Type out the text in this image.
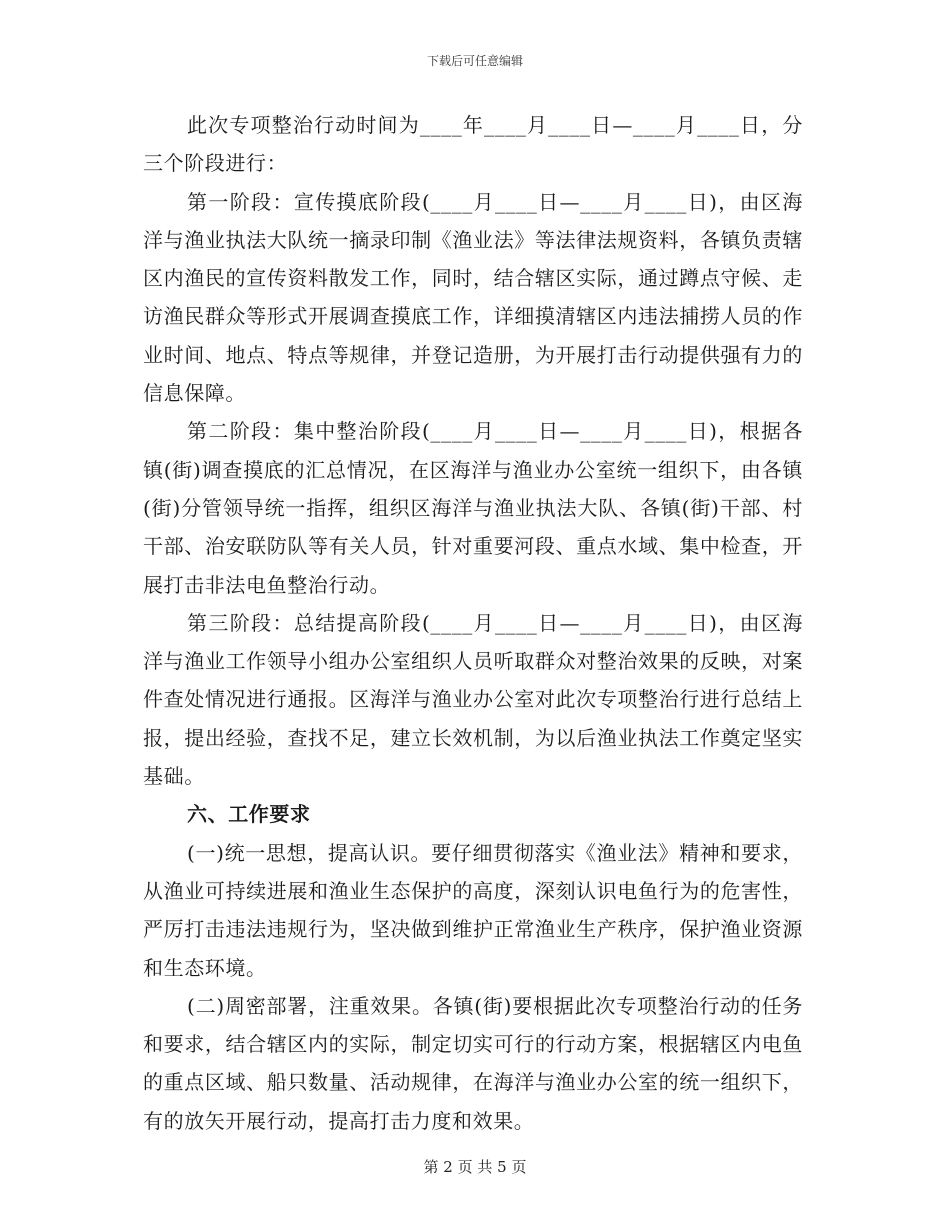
下载后可任意编辑

此次专项整治行动时间为____年____月____日—____月____日，分三个阶段进行：

第一阶段：宣传摸底阶段(____月____日—____月____日)，由区海洋与渔业执法大队统一摘录印制《渔业法》等法律法规资料，各镇负责辖区内渔民的宣传资料散发工作，同时，结合辖区实际，通过蹲点守候、走访渔民群众等形式开展调查摸底工作，详细摸清辖区内违法捕捞人员的作业时间、地点、特点等规律，并登记造册，为开展打击行动提供强有力的信息保障。

第二阶段：集中整治阶段(____月____日—____月____日)，根据各镇(街)调查摸底的汇总情况，在区海洋与渔业办公室统一组织下，由各镇(街)分管领导统一指挥，组织区海洋与渔业执法大队、各镇(街)干部、村干部、治安联防队等有关人员，针对重要河段、重点水域、集中检查，开展打击非法电鱼整治行动。

第三阶段：总结提高阶段(____月____日—____月____日)，由区海洋与渔业工作领导小组办公室组织人员听取群众对整治效果的反映，对案件查处情况进行通报。区海洋与渔业办公室对此次专项整治行进行总结上报，提出经验，查找不足，建立长效机制，为以后渔业执法工作奠定坚实基础。

六、工作要求

(一)统一思想，提高认识。要仔细贯彻落实《渔业法》精神和要求，从渔业可持续进展和渔业生态保护的高度，深刻认识电鱼行为的危害性，严厉打击违法违规行为，坚决做到维护正常渔业生产秩序，保护渔业资源和生态环境。

(二)周密部署，注重效果。各镇(街)要根据此次专项整治行动的任务和要求，结合辖区内的实际，制定切实可行的行动方案，根据辖区内电鱼的重点区域、船只数量、活动规律，在海洋与渔业办公室的统一组织下，有的放矢开展行动，提高打击力度和效果。

第 2 页 共 5 页
